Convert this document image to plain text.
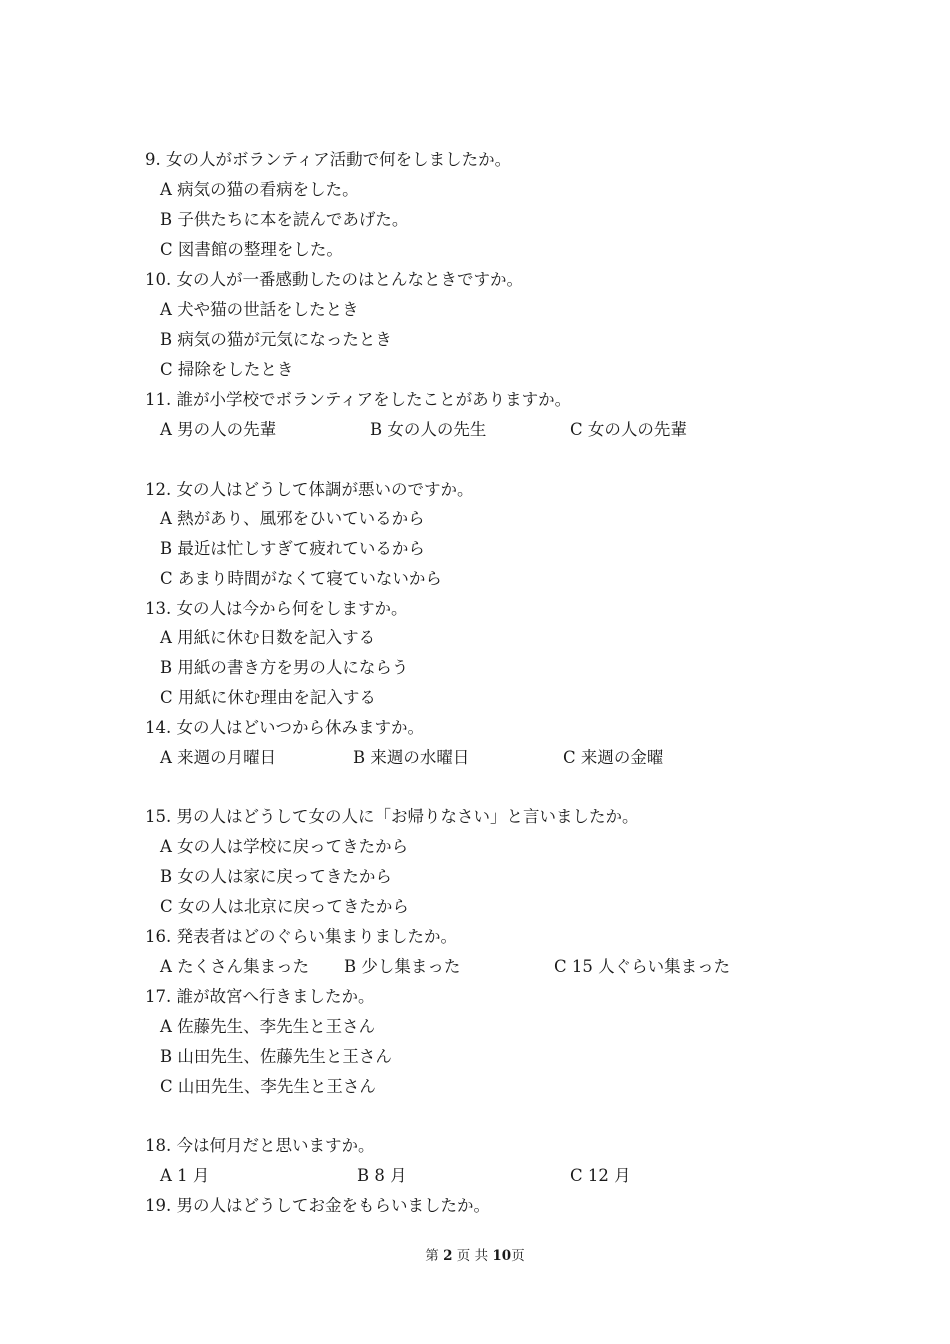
9. 女の人がボランティア活動で何をしましたか。
A 病気の猫の看病をした。
B 子供たちに本を読んであげた。
C 図書館の整理をした。
10. 女の人が一番感動したのはとんなときですか。
A 犬や猫の世話をしたとき
B 病気の猫が元気になったとき
C 掃除をしたとき
11. 誰が小学校でボランティアをしたことがありますか。
A 男の人の先輩	B 女の人の先生	C 女の人の先輩
12. 女の人はどうして体調が悪いのですか。
A 熱があり、風邪をひいているから
B 最近は忙しすぎて疲れているから
C あまり時間がなくて寝ていないから
13. 女の人は今から何をしますか。
A 用紙に休む日数を記入する
B 用紙の書き方を男の人にならう
C 用紙に休む理由を記入する
14. 女の人はどいつから休みますか。
A 来週の月曜日	B 来週の水曜日	C 来週の金曜
15. 男の人はどうして女の人に「お帰りなさい」と言いましたか。
A 女の人は学校に戻ってきたから
B 女の人は家に戻ってきたから
C 女の人は北京に戻ってきたから
16. 発表者はどのぐらい集まりましたか。
A たくさん集まった B 少し集まった	C 15 人ぐらい集まった
17. 誰が故宮へ行きましたか。
A 佐藤先生、李先生と王さん
B 山田先生、佐藤先生と王さん
C 山田先生、李先生と王さん
18. 今は何月だと思いますか。
A 1 月	B 8 月	C 12 月
19. 男の人はどうしてお金をもらいましたか。
第 2 页 共 10页
